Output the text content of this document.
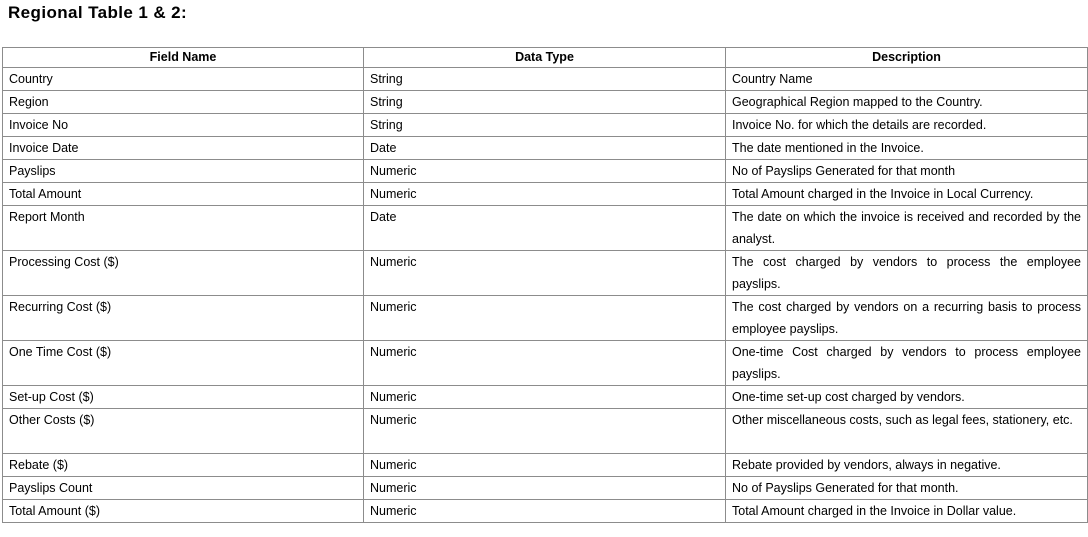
Regional Table 1 & 2:
Field Name	Data Type	Description
Country	String	Country Name
Region	String	Geographical Region mapped to the Country.
Invoice No	String	Invoice No. for which the details are recorded.
Invoice Date	Date	The date mentioned in the Invoice.
Payslips	Numeric	No of Payslips Generated for that month
Total Amount	Numeric	Total Amount charged in the Invoice in Local Currency.
Report Month	Date	The date on which the invoice is received and recorded by the analyst.
Processing Cost ($)	Numeric	The cost charged by vendors to process the employee payslips.
Recurring Cost ($)	Numeric	The cost charged by vendors on a recurring basis to process employee payslips.
One Time Cost ($)	Numeric	One-time Cost charged by vendors to process employee payslips.
Set-up Cost ($)	Numeric	One-time set-up cost charged by vendors.
Other Costs ($)	Numeric	Other miscellaneous costs, such as legal fees, stationery, etc.
Rebate ($)	Numeric	Rebate provided by vendors, always in negative.
Payslips Count	Numeric	No of Payslips Generated for that month.
Total Amount ($)	Numeric	Total Amount charged in the Invoice in Dollar value.
